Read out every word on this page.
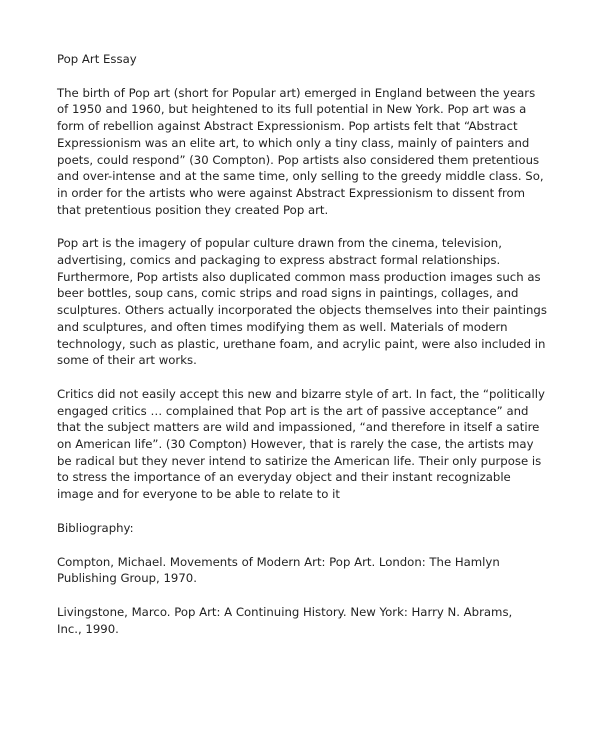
Pop Art Essay
The birth of Pop art (short for Popular art) emerged in England between the years
of 1950 and 1960, but heightened to its full potential in New York. Pop art was a
form of rebellion against Abstract Expressionism. Pop artists felt that “Abstract
Expressionism was an elite art, to which only a tiny class, mainly of painters and
poets, could respond” (30 Compton). Pop artists also considered them pretentious
and over-intense and at the same time, only selling to the greedy middle class. So,
in order for the artists who were against Abstract Expressionism to dissent from
that pretentious position they created Pop art.
Pop art is the imagery of popular culture drawn from the cinema, television,
advertising, comics and packaging to express abstract formal relationships.
Furthermore, Pop artists also duplicated common mass production images such as
beer bottles, soup cans, comic strips and road signs in paintings, collages, and
sculptures. Others actually incorporated the objects themselves into their paintings
and sculptures, and often times modifying them as well. Materials of modern
technology, such as plastic, urethane foam, and acrylic paint, were also included in
some of their art works.
Critics did not easily accept this new and bizarre style of art. In fact, the “politically
engaged critics … complained that Pop art is the art of passive acceptance” and
that the subject matters are wild and impassioned, “and therefore in itself a satire
on American life”. (30 Compton) However, that is rarely the case, the artists may
be radical but they never intend to satirize the American life. Their only purpose is
to stress the importance of an everyday object and their instant recognizable
image and for everyone to be able to relate to it
Bibliography:
Compton, Michael. Movements of Modern Art: Pop Art. London: The Hamlyn
Publishing Group, 1970.
Livingstone, Marco. Pop Art: A Continuing History. New York: Harry N. Abrams,
Inc., 1990.
